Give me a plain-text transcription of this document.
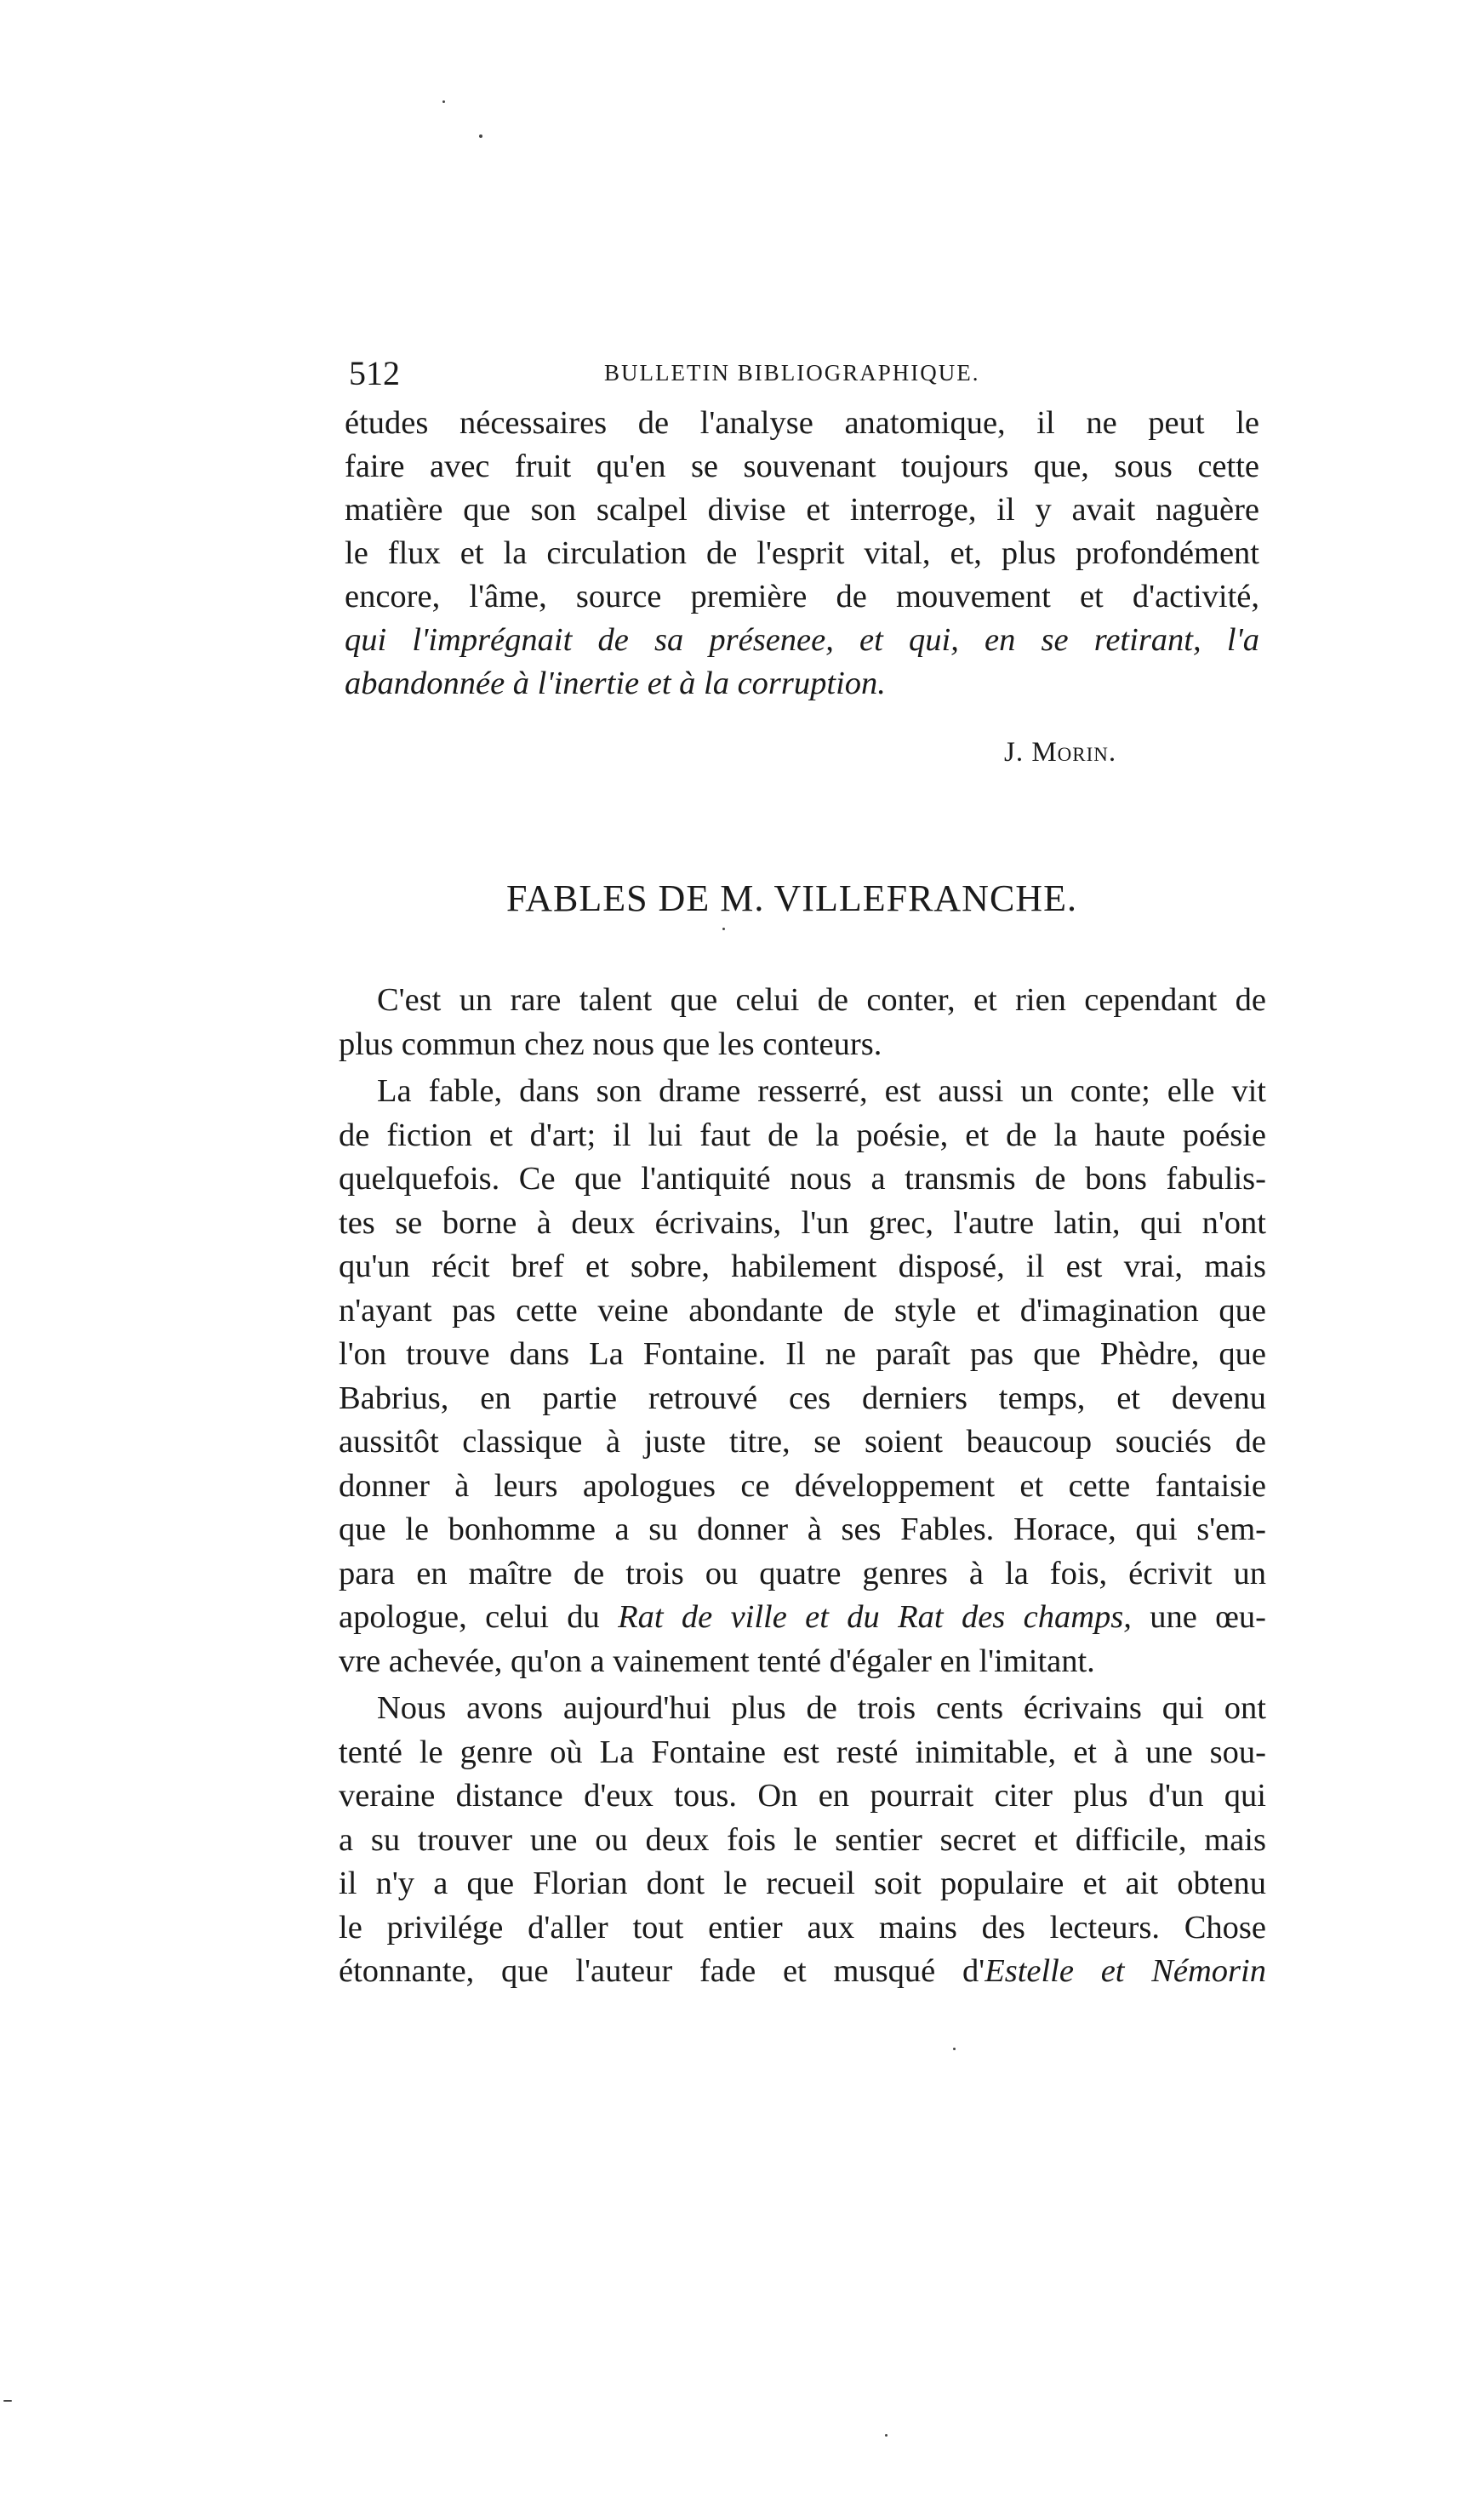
512	BULLETIN BIBLIOGRAPHIQUE.
études nécessaires de l'analyse anatomique, il ne peut le
faire avec fruit qu'en se souvenant toujours que, sous cette
matière que son scalpel divise et interroge, il y avait naguère
le flux et la circulation de l'esprit vital, et, plus profondément
encore, l'âme, source première de mouvement et d'activité,
qui l'imprégnait de sa présenee, et qui, en se retirant, l'a
abandonnée à l'inertie et à la corruption.
J. Morin.
FABLES DE M. VILLEFRANCHE.
C'est un rare talent que celui de conter, et rien cependant de
plus commun chez nous que les conteurs.
La fable, dans son drame resserré, est aussi un conte; elle vit
de fiction et d'art; il lui faut de la poésie, et de la haute poésie
quelquefois. Ce que l'antiquité nous a transmis de bons fabulis-
tes se borne à deux écrivains, l'un grec, l'autre latin, qui n'ont
qu'un récit bref et sobre, habilement disposé, il est vrai, mais
n'ayant pas cette veine abondante de style et d'imagination que
l'on trouve dans La Fontaine. Il ne paraît pas que Phèdre, que
Babrius, en partie retrouvé ces derniers temps, et devenu
aussitôt classique à juste titre, se soient beaucoup souciés de
donner à leurs apologues ce développement et cette fantaisie
que le bonhomme a su donner à ses Fables. Horace, qui s'em-
para en maître de trois ou quatre genres à la fois, écrivit un
apologue, celui du Rat de ville et du Rat des champs, une œu-
vre achevée, qu'on a vainement tenté d'égaler en l'imitant.
Nous avons aujourd'hui plus de trois cents écrivains qui ont
tenté le genre où La Fontaine est resté inimitable, et à une sou-
veraine distance d'eux tous. On en pourrait citer plus d'un qui
a su trouver une ou deux fois le sentier secret et difficile, mais
il n'y a que Florian dont le recueil soit populaire et ait obtenu
le privilége d'aller tout entier aux mains des lecteurs. Chose
étonnante, que l'auteur fade et musqué d'Estelle et Némorin
